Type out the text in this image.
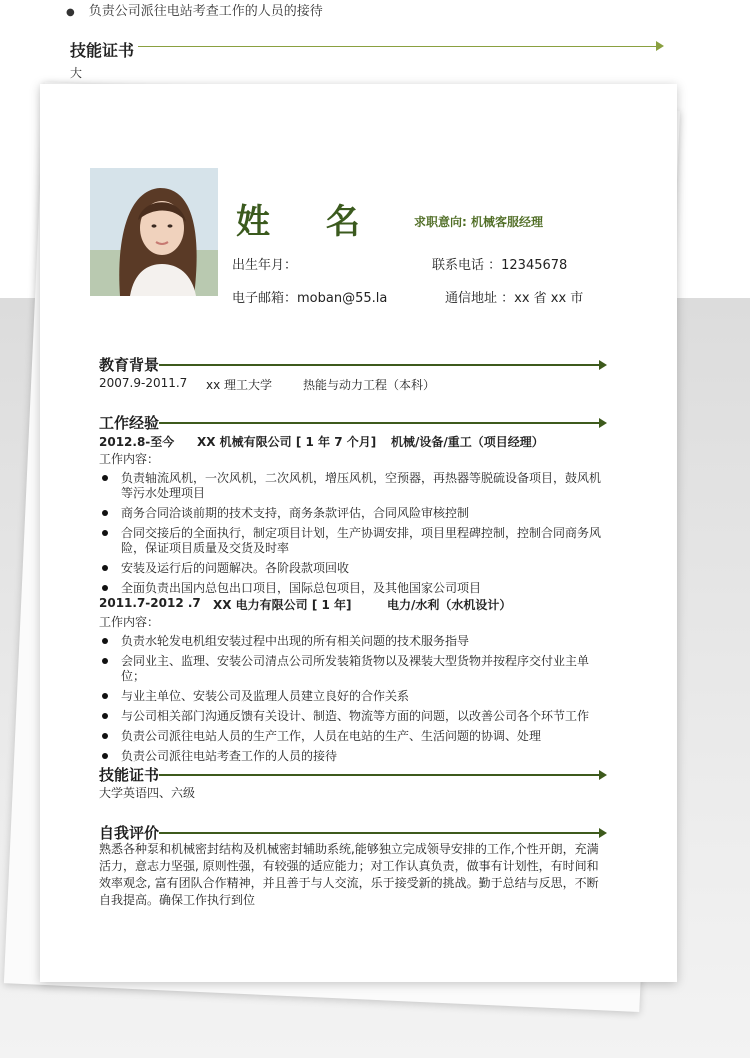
● 负责公司派往电站考查工作的人员的接待
技能证书
大
姓 名	求职意向: 机械客服经理
出生年月：	联系电话 ：12345678
电子邮箱：moban@55.la	通信地址 ：xx 省 xx 市
教育背景
2007.9-2011.7 xx 理工大学	热能与动力工程（本科）
工作经验
2012.8-至今 XX 机械有限公司 [ 1 年 7 个月] 机械/设备/重工（项目经理）
工作内容：
负责轴流风机，一次风机，二次风机，增压风机，空预器，再热器等脱硫设备项目，鼓风机等污水处理项目
商务合同洽谈前期的技术支持，商务条款评估，合同风险审核控制
合同交接后的全面执行，制定项目计划，生产协调安排，项目里程碑控制，控制合同商务风险，保证项目质量及交货及时率
安装及运行后的问题解决。各阶段款项回收
全面负责出国内总包出口项目，国际总包项目，及其他国家公司项目
2011.7-2012 .7 XX 电力有限公司 [ 1 年]	电力/水利（水机设计）
工作内容：
负责水轮发电机组安装过程中出现的所有相关问题的技术服务指导
会同业主、监理、安装公司清点公司所发装箱货物以及裸装大型货物并按程序交付业主单位；
与业主单位、安装公司及监理人员建立良好的合作关系
与公司相关部门沟通反馈有关设计、制造、物流等方面的问题，以改善公司各个环节工作
负责公司派往电站人员的生产工作，人员在电站的生产、生活问题的协调、处理
负责公司派往电站考查工作的人员的接待
技能证书
大学英语四、六级
自我评价
熟悉各种泵和机械密封结构及机械密封辅助系统,能够独立完成领导安排的工作,个性开朗，充满活力，意志力坚强, 原则性强，有较强的适应能力；对工作认真负责，做事有计划性，有时间和效率观念, 富有团队合作精神，并且善于与人交流，乐于接受新的挑战。勤于总结与反思，不断自我提高。确保工作执行到位
